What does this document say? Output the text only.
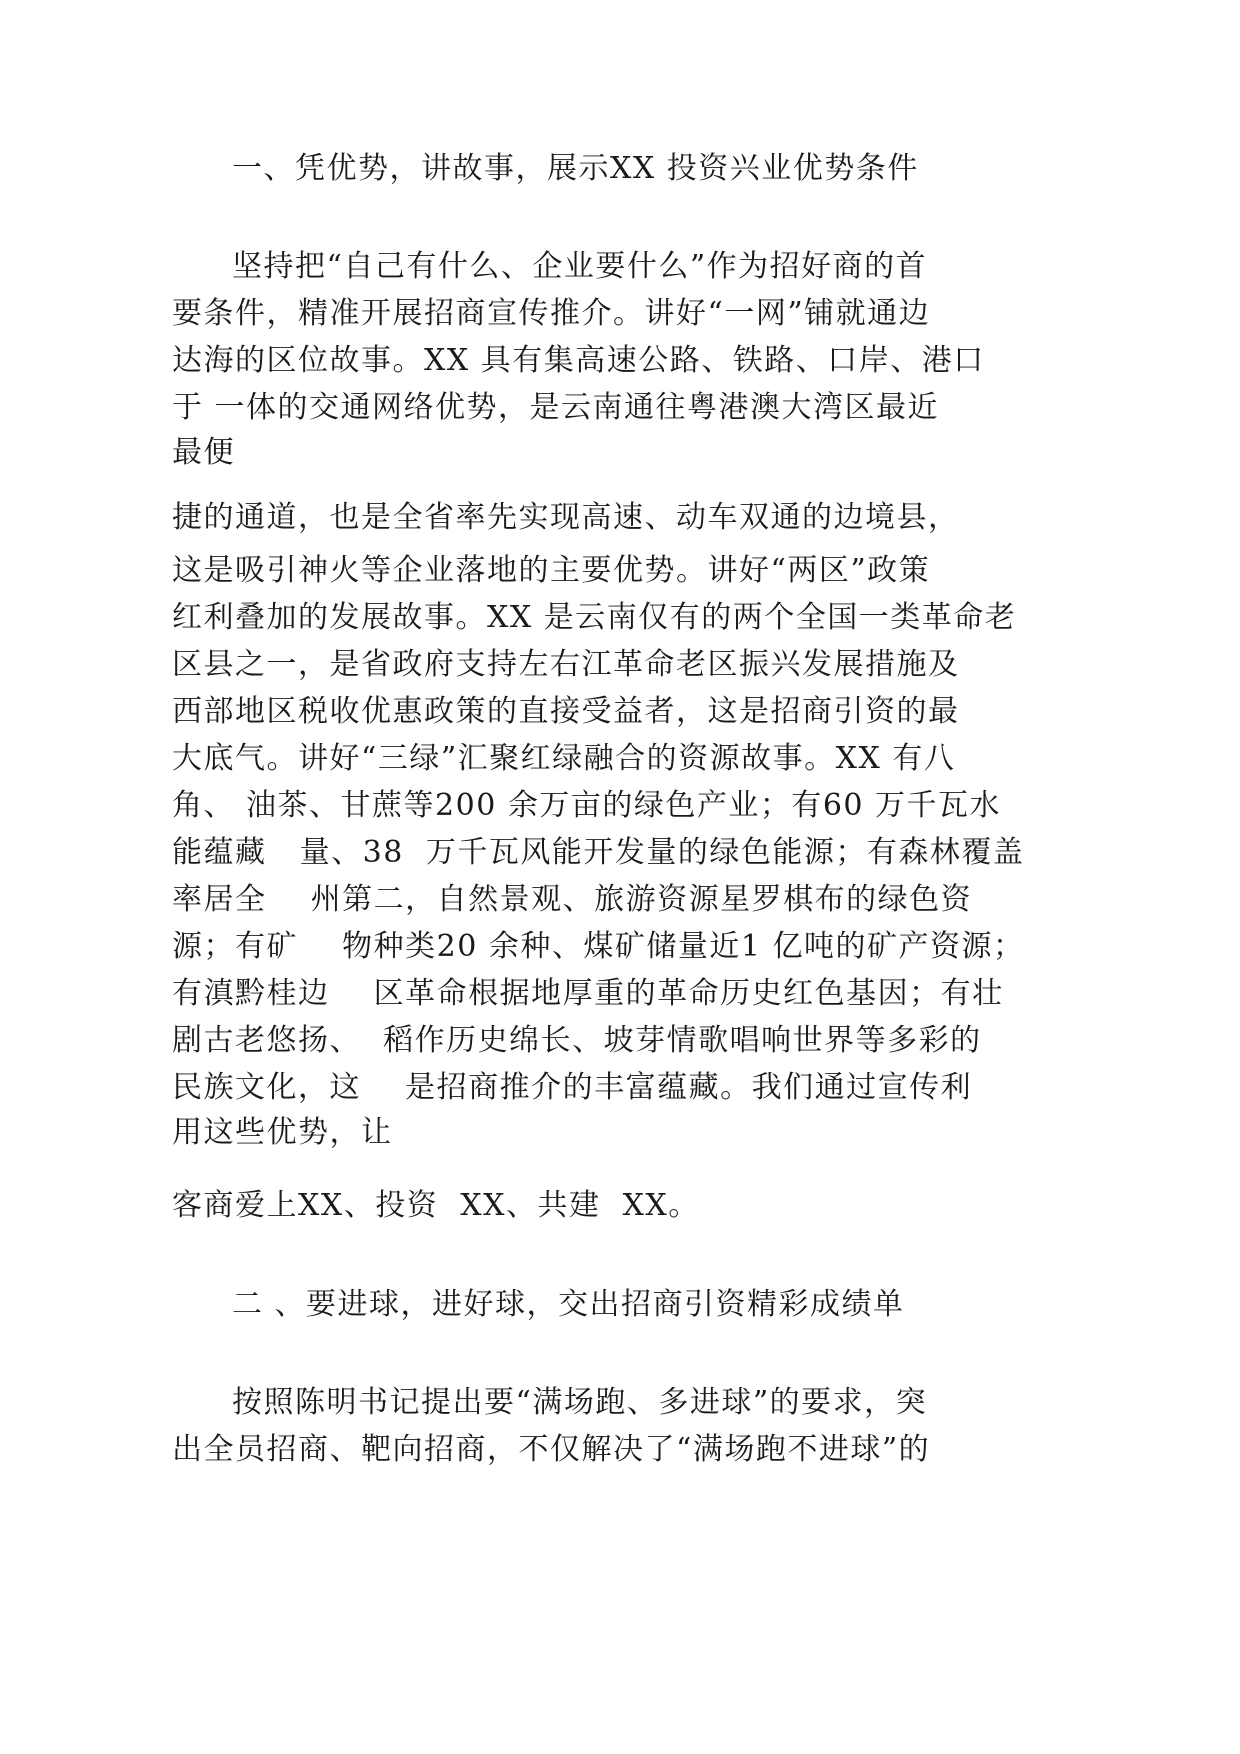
一、凭优势，讲故事，展示XX 投资兴业优势条件
坚持把“自己有什么、企业要什么”作为招好商的首
要条件，精准开展招商宣传推介。讲好“一网”铺就通边
达海的区位故事。XX 具有集高速公路、铁路、口岸、港口
于 一体的交通网络优势，是云南通往粤港澳大湾区最近
最便
捷的通道，也是全省率先实现高速、动车双通的边境县，
这是吸引神火等企业落地的主要优势。讲好“两区”政策
红利叠加的发展故事。XX 是云南仅有的两个全国一类革命老
区县之一，是省政府支持左右江革命老区振兴发展措施及
西部地区税收优惠政策的直接受益者，这是招商引资的最
大底气。讲好“三绿”汇聚红绿融合的资源故事。XX 有八
角、 油茶、甘蔗等200 余万亩的绿色产业；有60 万千瓦水
能蕴藏   量、38  万千瓦风能开发量的绿色能源；有森林覆盖
率居全    州第二，自然景观、旅游资源星罗棋布的绿色资
源；有矿    物种类20 余种、煤矿储量近1 亿吨的矿产资源；
有滇黔桂边    区革命根据地厚重的革命历史红色基因；有壮
剧古老悠扬、  稻作历史绵长、坡芽情歌唱响世界等多彩的
民族文化，这    是招商推介的丰富蕴藏。我们通过宣传利
用这些优势，让
客商爱上XX、投资  XX、共建  XX。
二 、要进球，进好球，交出招商引资精彩成绩单
按照陈明书记提出要“满场跑、多进球”的要求，突
出全员招商、靶向招商，不仅解决了“满场跑不进球”的
